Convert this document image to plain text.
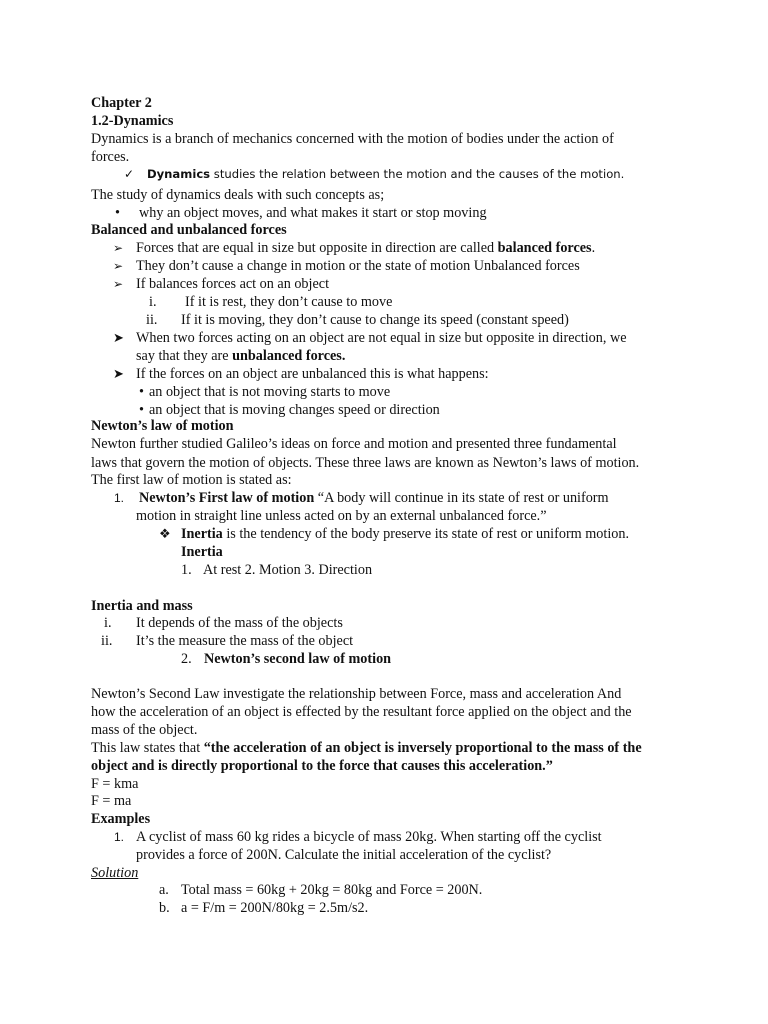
Chapter 2
1.2-Dynamics
Dynamics is a branch of mechanics concerned with the motion of bodies under the action of
forces.
✓ Dynamics studies the relation between the motion and the causes of the motion.
The study of dynamics deals with such concepts as;
• why an object moves, and what makes it start or stop moving
Balanced and unbalanced forces
➢ Forces that are equal in size but opposite in direction are called balanced forces.
➢ They don’t cause a change in motion or the state of motion Unbalanced forces
➢ If balances forces act on an object
i. If it is rest, they don’t cause to move
ii. If it is moving, they don’t cause to change its speed (constant speed)
➤ When two forces acting on an object are not equal in size but opposite in direction, we
say that they are unbalanced forces.
➤ If the forces on an object are unbalanced this is what happens:
• an object that is not moving starts to move
• an object that is moving changes speed or direction
Newton’s law of motion
Newton further studied Galileo’s ideas on force and motion and presented three fundamental
laws that govern the motion of objects. These three laws are known as Newton’s laws of motion.
The first law of motion is stated as:
1. Newton’s First law of motion “A body will continue in its state of rest or uniform
motion in straight line unless acted on by an external unbalanced force.”
❖ Inertia is the tendency of the body preserve its state of rest or uniform motion.
Inertia
1. At rest 2. Motion 3. Direction
Inertia and mass
i. It depends of the mass of the objects
ii. It’s the measure the mass of the object
2. Newton’s second law of motion
Newton’s Second Law investigate the relationship between Force, mass and acceleration And
how the acceleration of an object is effected by the resultant force applied on the object and the
mass of the object.
This law states that “the acceleration of an object is inversely proportional to the mass of the
object and is directly proportional to the force that causes this acceleration.”
F = kma
F = ma
Examples
1. A cyclist of mass 60 kg rides a bicycle of mass 20kg. When starting off the cyclist
provides a force of 200N. Calculate the initial acceleration of the cyclist?
Solution
a. Total mass = 60kg + 20kg = 80kg and Force = 200N.
b. a = F/m = 200N/80kg = 2.5m/s2.
